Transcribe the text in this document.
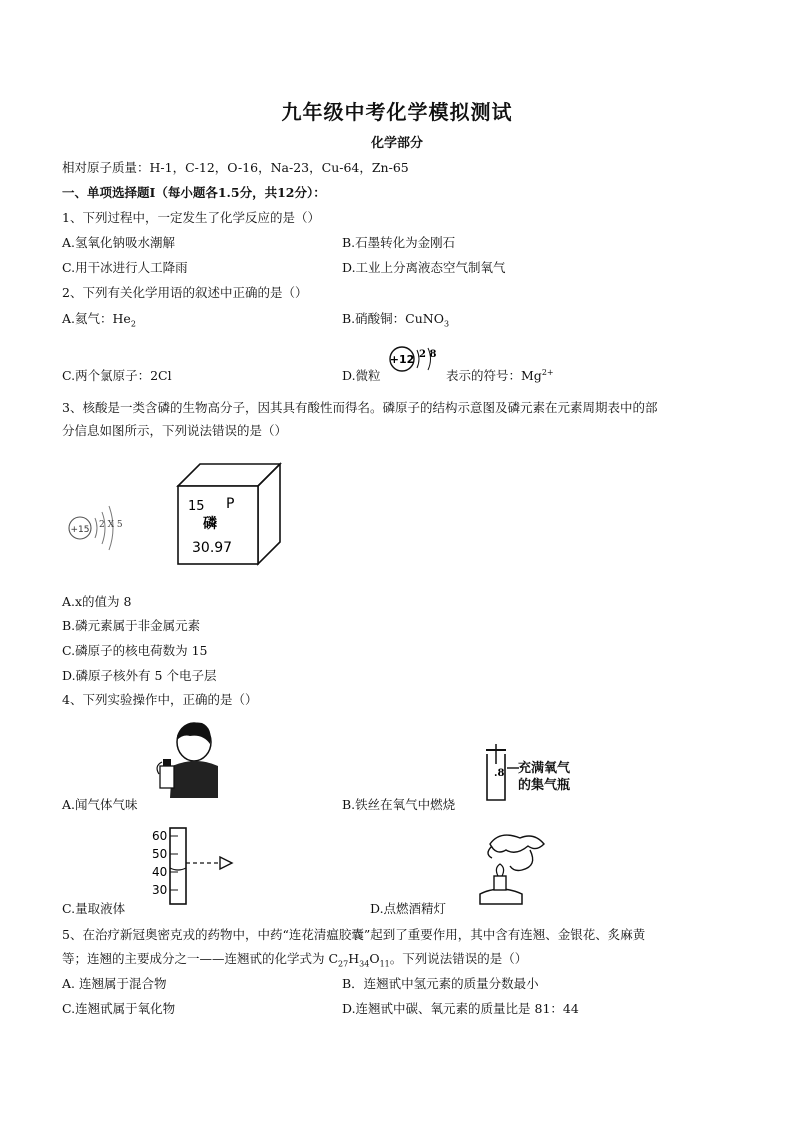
九年级中考化学模拟测试
化学部分
相对原子质量：H-1，C-12，O-16，Na-23，Cu-64，Zn-65
一、单项选择题Ⅰ（每小题各1.5分，共12分）：
1、下列过程中，一定发生了化学反应的是（）
A.氢氧化钠吸水潮解	B.石墨转化为金刚石
C.用干冰进行人工降雨	D.工业上分离液态空气制氧气
2、下列有关化学用语的叙述中正确的是（）
A.氦气：$He_2$	B.硝酸铜：CuNO$_3$
C.两个氯原子：2Cl	D.微粒
+12 2 8
表示的符号：$Mg^{2+}$
3、核酸是一类含磷的生物高分子，因其具有酸性而得名。磷原子的结构示意图及磷元素在元素周期表中的部
分信息如图所示，下列说法错误的是（）
+15 2 X 5
15 P
磷
30.97
A.x的值为 8
B.磷元素属于非金属元素
C.磷原子的核电荷数为 15
D.磷原子核外有 5 个电子层
4、下列实验操作中，正确的是（）
A.闻气体气味
.8 充满氧气
的集气瓶
B.铁丝在氧气中燃烧
60
50
40
30
C.量取液体	D.点燃酒精灯
5、在治疗新冠奥密克戎的药物中，中药“连花清瘟胶囊”起到了重要作用，其中含有连翘、金银花、炙麻黄
等；连翘的主要成分之一——连翘甙的化学式为 $C_{27}H_{34}O_{11}$。下列说法错误的是（）
A. 连翘属于混合物	B．连翘甙中氢元素的质量分数最小
C.连翘甙属于氧化物	D.连翘甙中碳、氧元素的质量比是 81：44
